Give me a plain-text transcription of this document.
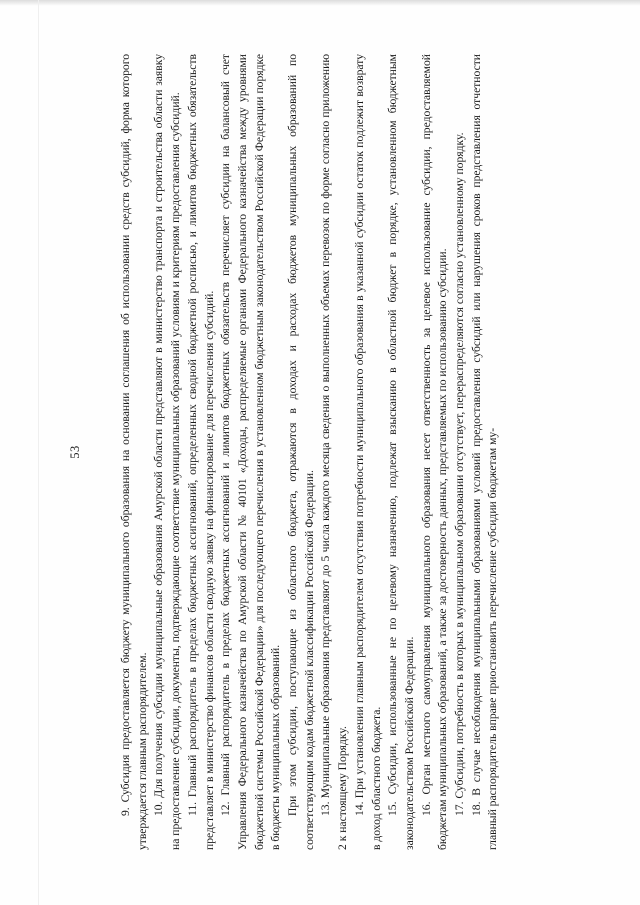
53	9. Субсидия предоставляется бюджету муниципального образования на основании соглашения об использовании средств субсидий, форма которого утверждается главным распорядителем. 10. Для получения субсидии муниципальные образования Амурской области представляют в министерство транспорта и строительства области заявку на предоставление субсидии, документы, подтверждающие соответствие муниципальных образований условиям и критериям предоставления субсидий. 11. Главный распорядитель в пределах бюджетных ассигнований, определенных сводной бюджетной росписью, и лимитов бюджетных обязательств представляет в министерство финансов области сводную заявку на финансирование для перечисления субсидий. 12. Главный распорядитель в пределах бюджетных ассигнований и лимитов бюджетных обязательств перечисляет субсидии на балансовый счет Управления Федерального казначейства по Амурской области № 40101 «Доходы, распределяемые органами Федерального казначейства между уровнями бюджетной системы Российской Федерации» для последующего перечисления в установленном бюджетным законодательством Российской Федерации порядке в бюджеты муниципальных образований. При этом субсидии, поступающие из областного бюджета, отражаются в доходах и расходах бюджетов муниципальных образований по соответствующим кодам бюджетной классификации Российской Федерации. 13. Муниципальные образования представляют до 5 числа каждого месяца сведения о выполненных объемах перевозок по форме согласно приложению 2 к настоящему Порядку. 14. При установлении главным распорядителем отсутствия потребности муниципального образования в указанной субсидии остаток подлежит возврату в доход областного бюджета. 15. Субсидии, использованные не по целевому назначению, подлежат взысканию в областной бюджет в порядке, установленном бюджетным законодательством Российской Федерации. 16. Орган местного самоуправления муниципального образования несет ответственность за целевое использование субсидии, предоставляемой бюджетам муниципальных образований, а также за достоверность данных, представляемых по использованию субсидии. 17. Субсидии, потребность в которых в муниципальном образовании отсутствует, перераспределяются согласно установленному порядку. 18. В случае несоблюдения муниципальными образованиями условий предоставления субсидий или нарушения сроков представления отчетности главный распорядитель вправе приостановить перечисление субсидии бюджетам му-
